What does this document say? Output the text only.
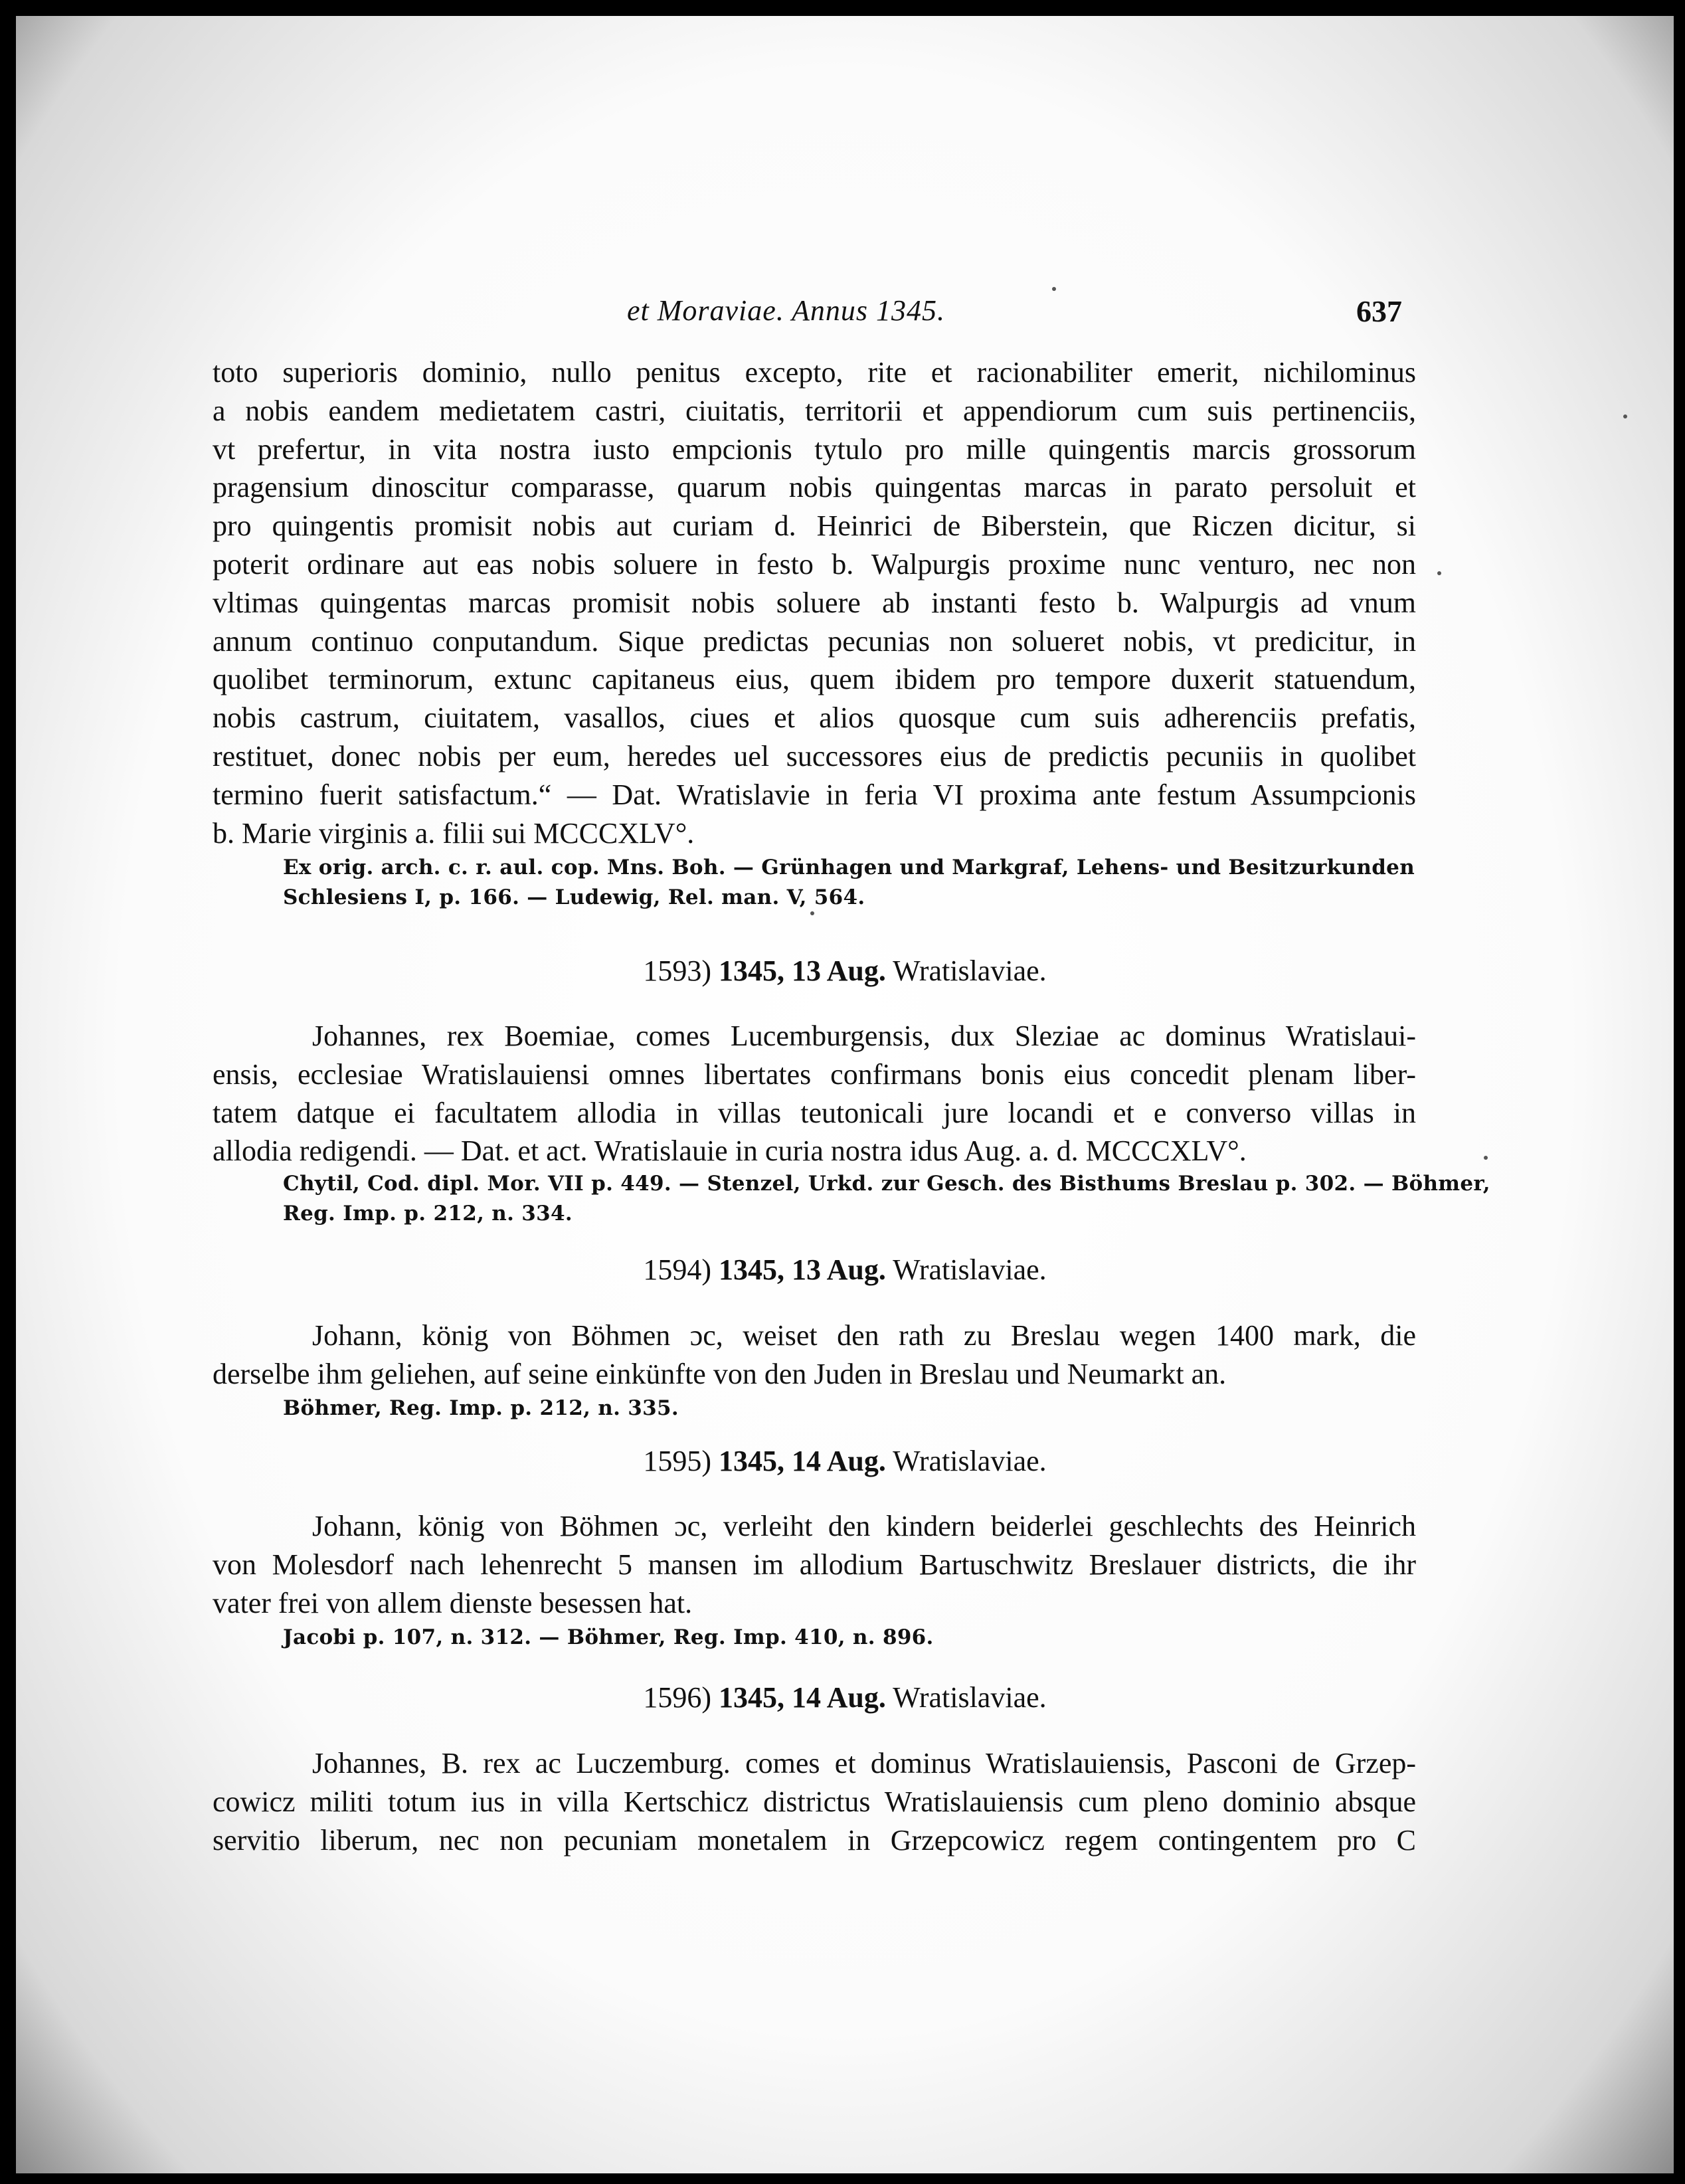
et Moraviae. Annus 1345.	637
toto superioris dominio, nullo penitus excepto, rite et racionabiliter emerit, nichilominus
a nobis eandem medietatem castri, ciuitatis, territorii et appendiorum cum suis pertinenciis,
vt prefertur, in vita nostra iusto empcionis tytulo pro mille quingentis marcis grossorum
pragensium dinoscitur comparasse, quarum nobis quingentas marcas in parato persoluit et
pro quingentis promisit nobis aut curiam d. Heinrici de Biberstein, que Riczen dicitur, si
poterit ordinare aut eas nobis soluere in festo b. Walpurgis proxime nunc venturo, nec non
vltimas quingentas marcas promisit nobis soluere ab instanti festo b. Walpurgis ad vnum
annum continuo conputandum. Sique predictas pecunias non solueret nobis, vt predicitur, in
quolibet terminorum, extunc capitaneus eius, quem ibidem pro tempore duxerit statuendum,
nobis castrum, ciuitatem, vasallos, ciues et alios quosque cum suis adherenciis prefatis,
restituet, donec nobis per eum, heredes uel successores eius de predictis pecuniis in quolibet
termino fuerit satisfactum.“ — Dat. Wratislavie in feria VI proxima ante festum Assumpcionis
b. Marie virginis a. filii sui MCCCXLV°.
Ex orig. arch. c. r. aul. cop. Mns. Boh. — Grünhagen und Markgraf, Lehens- und Besitzurkunden
Schlesiens I, p. 166. — Ludewig, Rel. man. V, 564.
1593) 1345, 13 Aug. Wratislaviae.
Johannes, rex Boemiae, comes Lucemburgensis, dux Sleziae ac dominus Wratislaui-
ensis, ecclesiae Wratislauiensi omnes libertates confirmans bonis eius concedit plenam liber-
tatem datque ei facultatem allodia in villas teutonicali jure locandi et e converso villas in
allodia redigendi. — Dat. et act. Wratislauie in curia nostra idus Aug. a. d. MCCCXLV°.
Chytil, Cod. dipl. Mor. VII p. 449. — Stenzel, Urkd. zur Gesch. des Bisthums Breslau p. 302. — Böhmer,
Reg. Imp. p. 212, n. 334.
1594) 1345, 13 Aug. Wratislaviae.
Johann, könig von Böhmen ɔc, weiset den rath zu Breslau wegen 1400 mark, die
derselbe ihm geliehen, auf seine einkünfte von den Juden in Breslau und Neumarkt an.
Böhmer, Reg. Imp. p. 212, n. 335.
1595) 1345, 14 Aug. Wratislaviae.
Johann, könig von Böhmen ɔc, verleiht den kindern beiderlei geschlechts des Heinrich
von Molesdorf nach lehenrecht 5 mansen im allodium Bartuschwitz Breslauer districts, die ihr
vater frei von allem dienste besessen hat.
Jacobi p. 107, n. 312. — Böhmer, Reg. Imp. 410, n. 896.
1596) 1345, 14 Aug. Wratislaviae.
Johannes, B. rex ac Luczemburg. comes et dominus Wratislauiensis, Pasconi de Grzep-
cowicz militi totum ius in villa Kertschicz districtus Wratislauiensis cum pleno dominio absque
servitio liberum, nec non pecuniam monetalem in Grzepcowicz regem contingentem pro C
